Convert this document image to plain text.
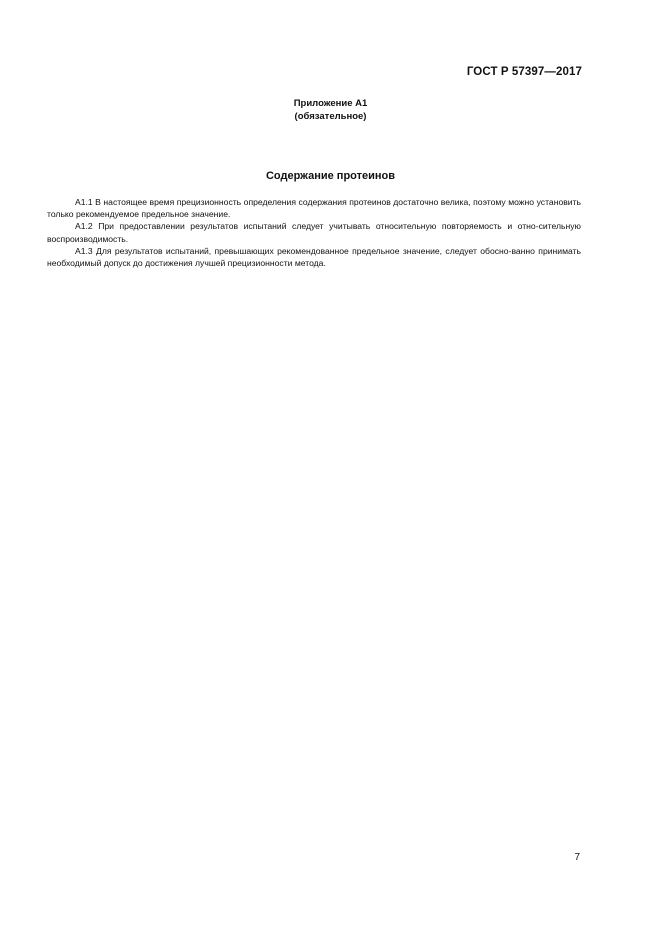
ГОСТ Р 57397—2017
Приложение А1
(обязательное)
Содержание протеинов

А1.1 В настоящее время прецизионность определения содержания протеинов достаточно велика, поэтому можно установить только рекомендуемое предельное значение.

А1.2 При предоставлении результатов испытаний следует учитывать относительную повторяемость и отно-сительную воспроизводимость.

А1.3 Для результатов испытаний, превышающих рекомендованное предельное значение, следует обосно-ванно принимать необходимый допуск до достижения лучшей прецизионности метода.

7
